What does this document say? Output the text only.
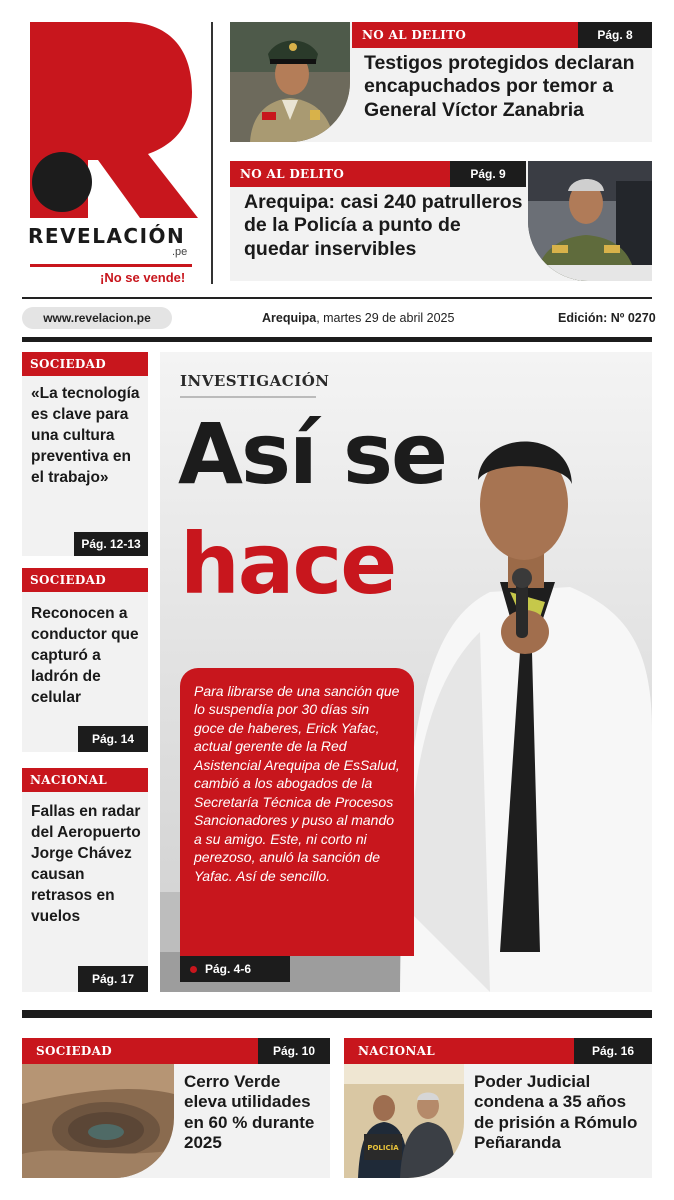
REVELACIÓN
.pe
¡No se vende!
NO AL DELITO	Pág. 8
Testigos protegidos declaran encapuchados por temor a General Víctor Zanabria
NO AL DELITO	Pág. 9
Arequipa: casi 240 patrulleros de la Policía a punto de quedar inservibles
www.revelacion.pe	Arequipa, martes 29 de abril 2025	Edición: Nº 0270
SOCIEDAD
«La tecnología es clave para una cultura preventiva en el trabajo»
Pág. 12-13
SOCIEDAD
Reconocen a conductor que capturó a ladrón de celular
Pág. 14
NACIONAL
Fallas en radar del Aeropuerto Jorge Chávez causan retrasos en vuelos
Pág. 17
INVESTIGACIÓN
Así se
hace

Para librarse de una sanción que lo suspendía por 30 días sin goce de haberes, Erick Yafac, actual gerente de la Red Asistencial Arequipa de EsSalud, cambió a los abogados de la Secretaría Técnica de Procesos Sancionadores y puso al mando a su amigo. Este, ni corto ni perezoso, anuló la sanción de Yafac. Así de sencillo.

Pág. 4-6
SOCIEDAD	Pág. 10
Cerro Verde eleva utilidades en 60 % durante 2025
NACIONAL	Pág. 16
POLICÍA
Poder Judicial condena a 35 años de prisión a Rómulo Peñaranda
